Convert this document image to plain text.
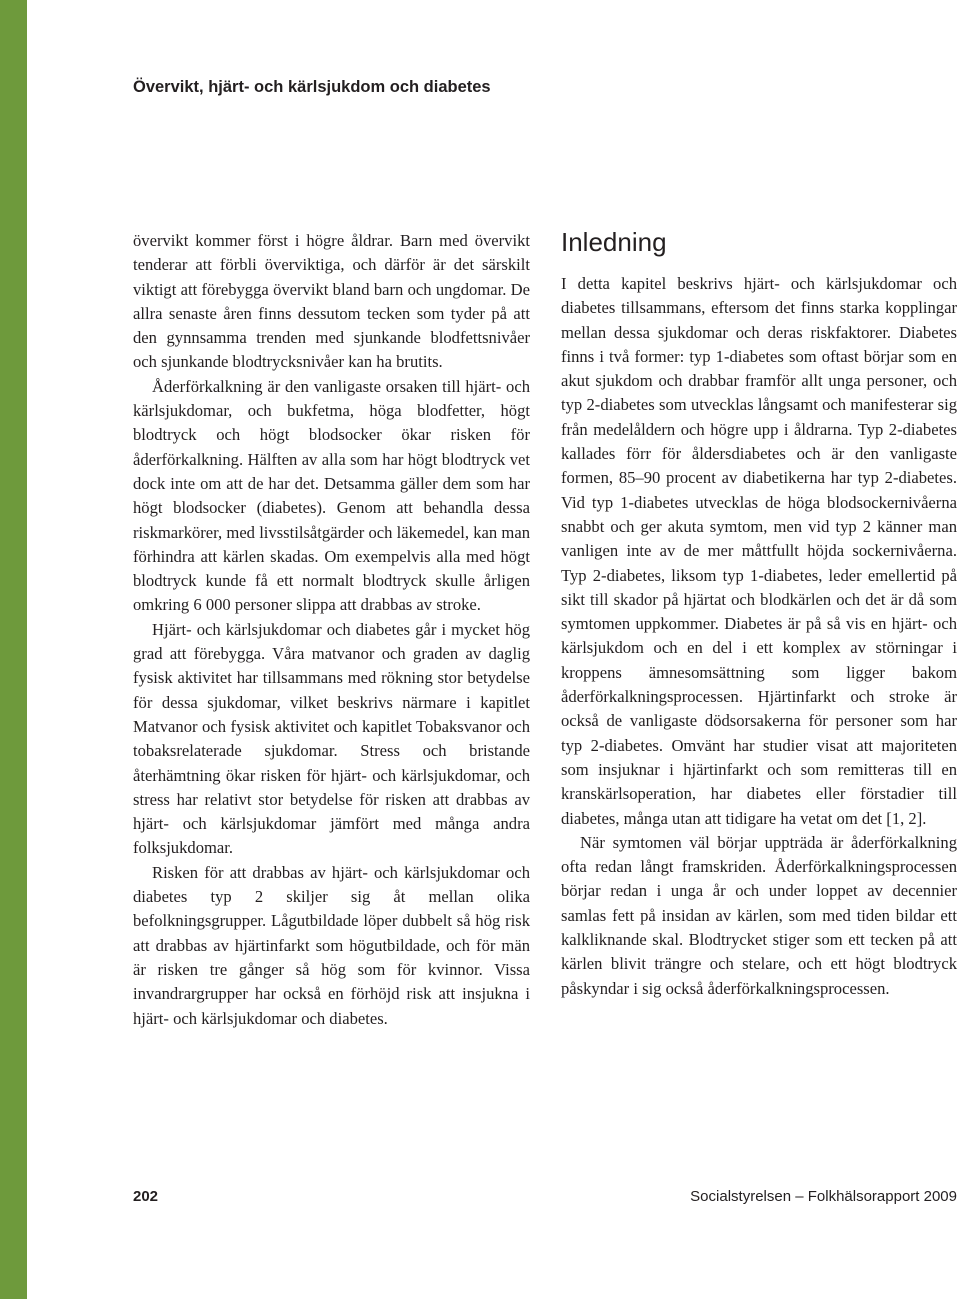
Övervikt, hjärt- och kärlsjukdom och diabetes

övervikt kommer först i högre åldrar. Barn med övervikt tenderar att förbli överviktiga, och därför är det särskilt viktigt att förebygga övervikt bland barn och ungdomar. De allra senaste åren finns dessutom tecken som tyder på att den gynnsamma trenden med sjunkande blodfettsnivåer och sjunkande blodtrycksnivåer kan ha brutits.

Åderförkalkning är den vanligaste orsaken till hjärt- och kärlsjukdomar, och bukfetma, höga blodfetter, högt blodtryck och högt blodsocker ökar risken för åderförkalkning. Hälften av alla som har högt blodtryck vet dock inte om att de har det. Detsamma gäller dem som har högt blodsocker (diabetes). Genom att behandla dessa riskmarkörer, med livsstilsåtgärder och läkemedel, kan man förhindra att kärlen skadas. Om exempelvis alla med högt blodtryck kunde få ett normalt blodtryck skulle årligen omkring 6 000 personer slippa att drabbas av stroke.

Hjärt- och kärlsjukdomar och diabetes går i mycket hög grad att förebygga. Våra matvanor och graden av daglig fysisk aktivitet har tillsammans med rökning stor betydelse för dessa sjukdomar, vilket beskrivs närmare i kapitlet Matvanor och fysisk aktivitet och kapitlet Tobaksvanor och tobaksrelaterade sjukdomar. Stress och bristande återhämtning ökar risken för hjärt- och kärlsjukdomar, och stress har relativt stor betydelse för risken att drabbas av hjärt- och kärlsjukdomar jämfört med många andra folksjukdomar.

Risken för att drabbas av hjärt- och kärlsjukdomar och diabetes typ 2 skiljer sig åt mellan olika befolkningsgrupper. Lågutbildade löper dubbelt så hög risk att drabbas av hjärtinfarkt som högutbildade, och för män är risken tre gånger så hög som för kvinnor. Vissa invandrargrupper har också en förhöjd risk att insjukna i hjärt- och kärlsjukdomar och diabetes.

Inledning

I detta kapitel beskrivs hjärt- och kärlsjukdomar och diabetes tillsammans, eftersom det finns starka kopplingar mellan dessa sjukdomar och deras riskfaktorer. Diabetes finns i två former: typ 1-diabetes som oftast börjar som en akut sjukdom och drabbar framför allt unga personer, och typ 2-diabetes som utvecklas långsamt och manifesterar sig från medelåldern och högre upp i åldrarna. Typ 2-diabetes kallades förr för åldersdiabetes och är den vanligaste formen, 85–90 procent av diabetikerna har typ 2-diabetes. Vid typ 1-diabetes utvecklas de höga blodsockernivåerna snabbt och ger akuta symtom, men vid typ 2 känner man vanligen inte av de mer måttfullt höjda sockernivåerna. Typ 2-diabetes, liksom typ 1-diabetes, leder emellertid på sikt till skador på hjärtat och blodkärlen och det är då som symtomen uppkommer. Diabetes är på så vis en hjärt- och kärlsjukdom och en del i ett komplex av störningar i kroppens ämnesomsättning som ligger bakom åderförkalkningsprocessen. Hjärtinfarkt och stroke är också de vanligaste dödsorsakerna för personer som har typ 2-diabetes. Omvänt har studier visat att majoriteten som insjuknar i hjärtinfarkt och som remitteras till en kranskärlsoperation, har diabetes eller förstadier till diabetes, många utan att tidigare ha vetat om det [1, 2].

När symtomen väl börjar uppträda är åderförkalkning ofta redan långt framskriden. Åderförkalkningsprocessen börjar redan i unga år och under loppet av decennier samlas fett på insidan av kärlen, som med tiden bildar ett kalkliknande skal. Blodtrycket stiger som ett tecken på att kärlen blivit trängre och stelare, och ett högt blodtryck påskyndar i sig också åderförkalkningsprocessen.

202	Socialstyrelsen – Folkhälsorapport 2009
